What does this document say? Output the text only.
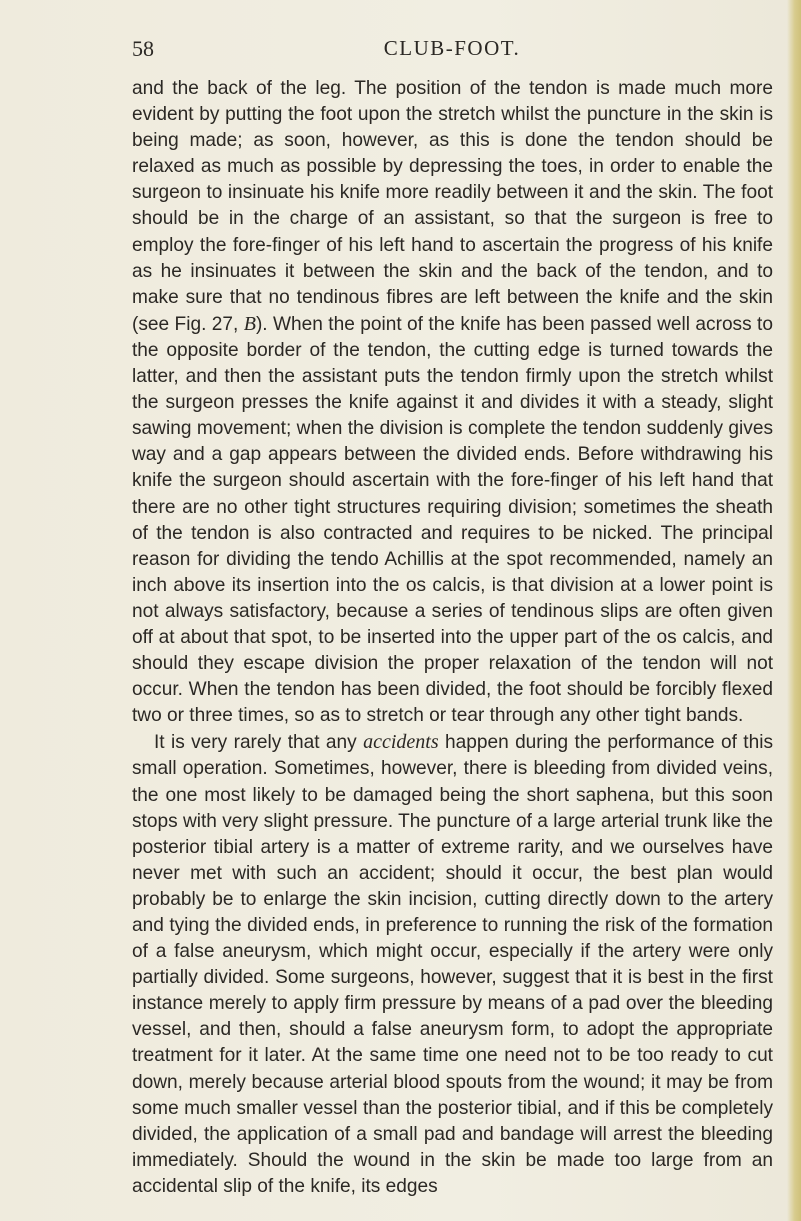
58	CLUB-FOOT.

and the back of the leg. The position of the tendon is made much more evident by putting the foot upon the stretch whilst the puncture in the skin is being made; as soon, however, as this is done the tendon should be relaxed as much as possible by depressing the toes, in order to enable the surgeon to insinuate his knife more readily between it and the skin. The foot should be in the charge of an assistant, so that the surgeon is free to employ the fore-finger of his left hand to ascertain the progress of his knife as he insinuates it between the skin and the back of the tendon, and to make sure that no tendinous fibres are left between the knife and the skin (see Fig. 27, B). When the point of the knife has been passed well across to the opposite border of the tendon, the cutting edge is turned towards the latter, and then the assistant puts the tendon firmly upon the stretch whilst the surgeon presses the knife against it and divides it with a steady, slight sawing movement; when the division is complete the tendon suddenly gives way and a gap appears between the divided ends. Before withdrawing his knife the surgeon should ascertain with the fore-finger of his left hand that there are no other tight structures requiring division; sometimes the sheath of the tendon is also contracted and requires to be nicked. The principal reason for dividing the tendo Achillis at the spot recommended, namely an inch above its insertion into the os calcis, is that division at a lower point is not always satisfactory, because a series of tendinous slips are often given off at about that spot, to be inserted into the upper part of the os calcis, and should they escape division the proper relaxation of the tendon will not occur. When the tendon has been divided, the foot should be forcibly flexed two or three times, so as to stretch or tear through any other tight bands.

It is very rarely that any accidents happen during the performance of this small operation. Sometimes, however, there is bleeding from divided veins, the one most likely to be damaged being the short saphena, but this soon stops with very slight pressure. The puncture of a large arterial trunk like the posterior tibial artery is a matter of extreme rarity, and we ourselves have never met with such an accident; should it occur, the best plan would probably be to enlarge the skin incision, cutting directly down to the artery and tying the divided ends, in preference to running the risk of the formation of a false aneurysm, which might occur, especially if the artery were only partially divided. Some surgeons, however, suggest that it is best in the first instance merely to apply firm pressure by means of a pad over the bleeding vessel, and then, should a false aneurysm form, to adopt the appropriate treatment for it later. At the same time one need not to be too ready to cut down, merely because arterial blood spouts from the wound; it may be from some much smaller vessel than the posterior tibial, and if this be completely divided, the application of a small pad and bandage will arrest the bleeding immediately. Should the wound in the skin be made too large from an accidental slip of the knife, its edges
